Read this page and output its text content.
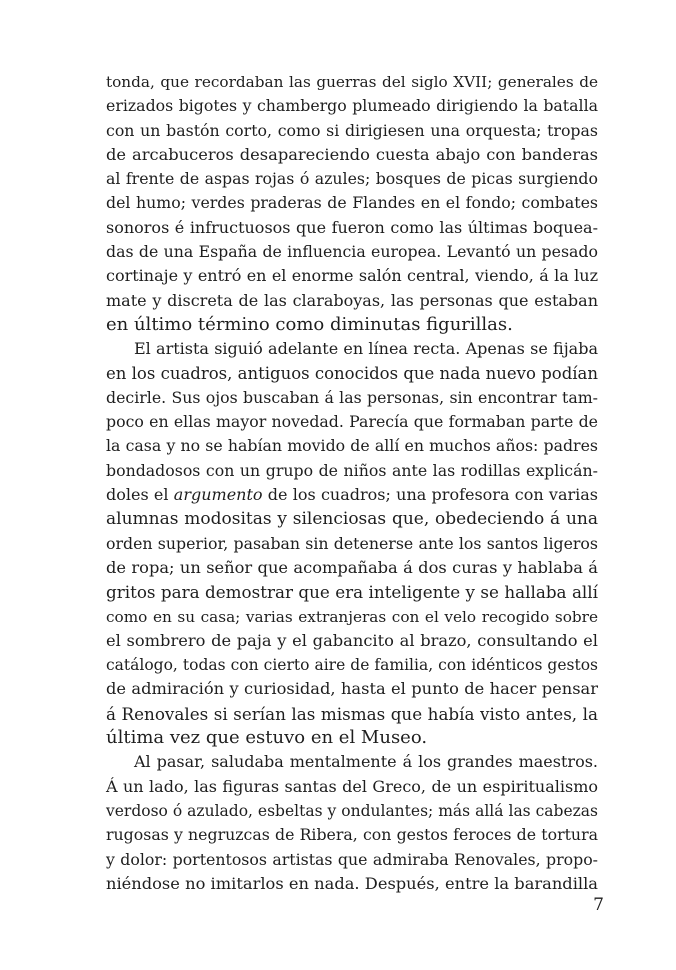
tonda, que recordaban las guerras del siglo XVII; generales de
erizados bigotes y chambergo plumeado dirigiendo la batalla
con un bastón corto, como si dirigiesen una orquesta; tropas
de arcabuceros desapareciendo cuesta abajo con banderas
al frente de aspas rojas ó azules; bosques de picas surgiendo
del humo; verdes praderas de Flandes en el fondo; combates
sonoros é infructuosos que fueron como las últimas boquea-
das de una España de influencia europea. Levantó un pesado
cortinaje y entró en el enorme salón central, viendo, á la luz
mate y discreta de las claraboyas, las personas que estaban
en último término como diminutas figurillas.
El artista siguió adelante en línea recta. Apenas se fijaba
en los cuadros, antiguos conocidos que nada nuevo podían
decirle. Sus ojos buscaban á las personas, sin encontrar tam-
poco en ellas mayor novedad. Parecía que formaban parte de
la casa y no se habían movido de allí en muchos años: padres
bondadosos con un grupo de niños ante las rodillas explicán-
doles el argumento de los cuadros; una profesora con varias
alumnas modositas y silenciosas que, obedeciendo á una
orden superior, pasaban sin detenerse ante los santos ligeros
de ropa; un señor que acompañaba á dos curas y hablaba á
gritos para demostrar que era inteligente y se hallaba allí
como en su casa; varias extranjeras con el velo recogido sobre
el sombrero de paja y el gabancito al brazo, consultando el
catálogo, todas con cierto aire de familia, con idénticos gestos
de admiración y curiosidad, hasta el punto de hacer pensar
á Renovales si serían las mismas que había visto antes, la
última vez que estuvo en el Museo.
Al pasar, saludaba mentalmente á los grandes maestros.
Á un lado, las figuras santas del Greco, de un espiritualismo
verdoso ó azulado, esbeltas y ondulantes; más allá las cabezas
rugosas y negruzcas de Ribera, con gestos feroces de tortura
y dolor: portentosos artistas que admiraba Renovales, propo-
niéndose no imitarlos en nada. Después, entre la barandilla
7
